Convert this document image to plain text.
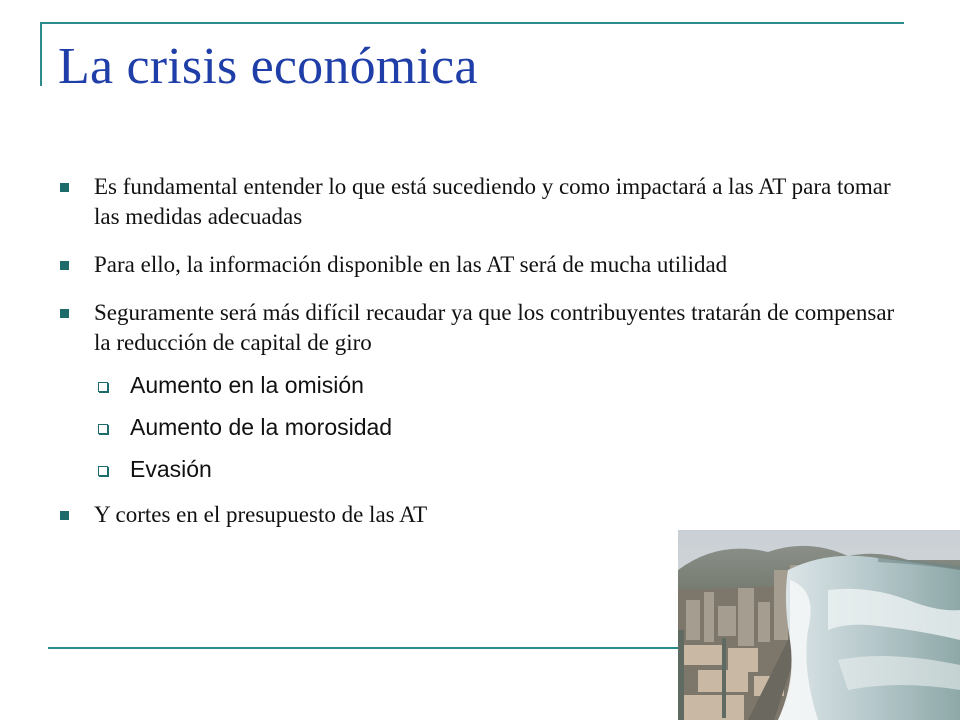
La crisis económica
Es fundamental entender lo que está sucediendo y como impactará a las AT para tomar las medidas adecuadas
Para ello, la información disponible en las AT será de mucha utilidad
Seguramente será más difícil recaudar ya que los contribuyentes tratarán de compensar la reducción de capital de giro
Aumento en la omisión
Aumento de la morosidad
Evasión
Y cortes en el presupuesto de las AT
